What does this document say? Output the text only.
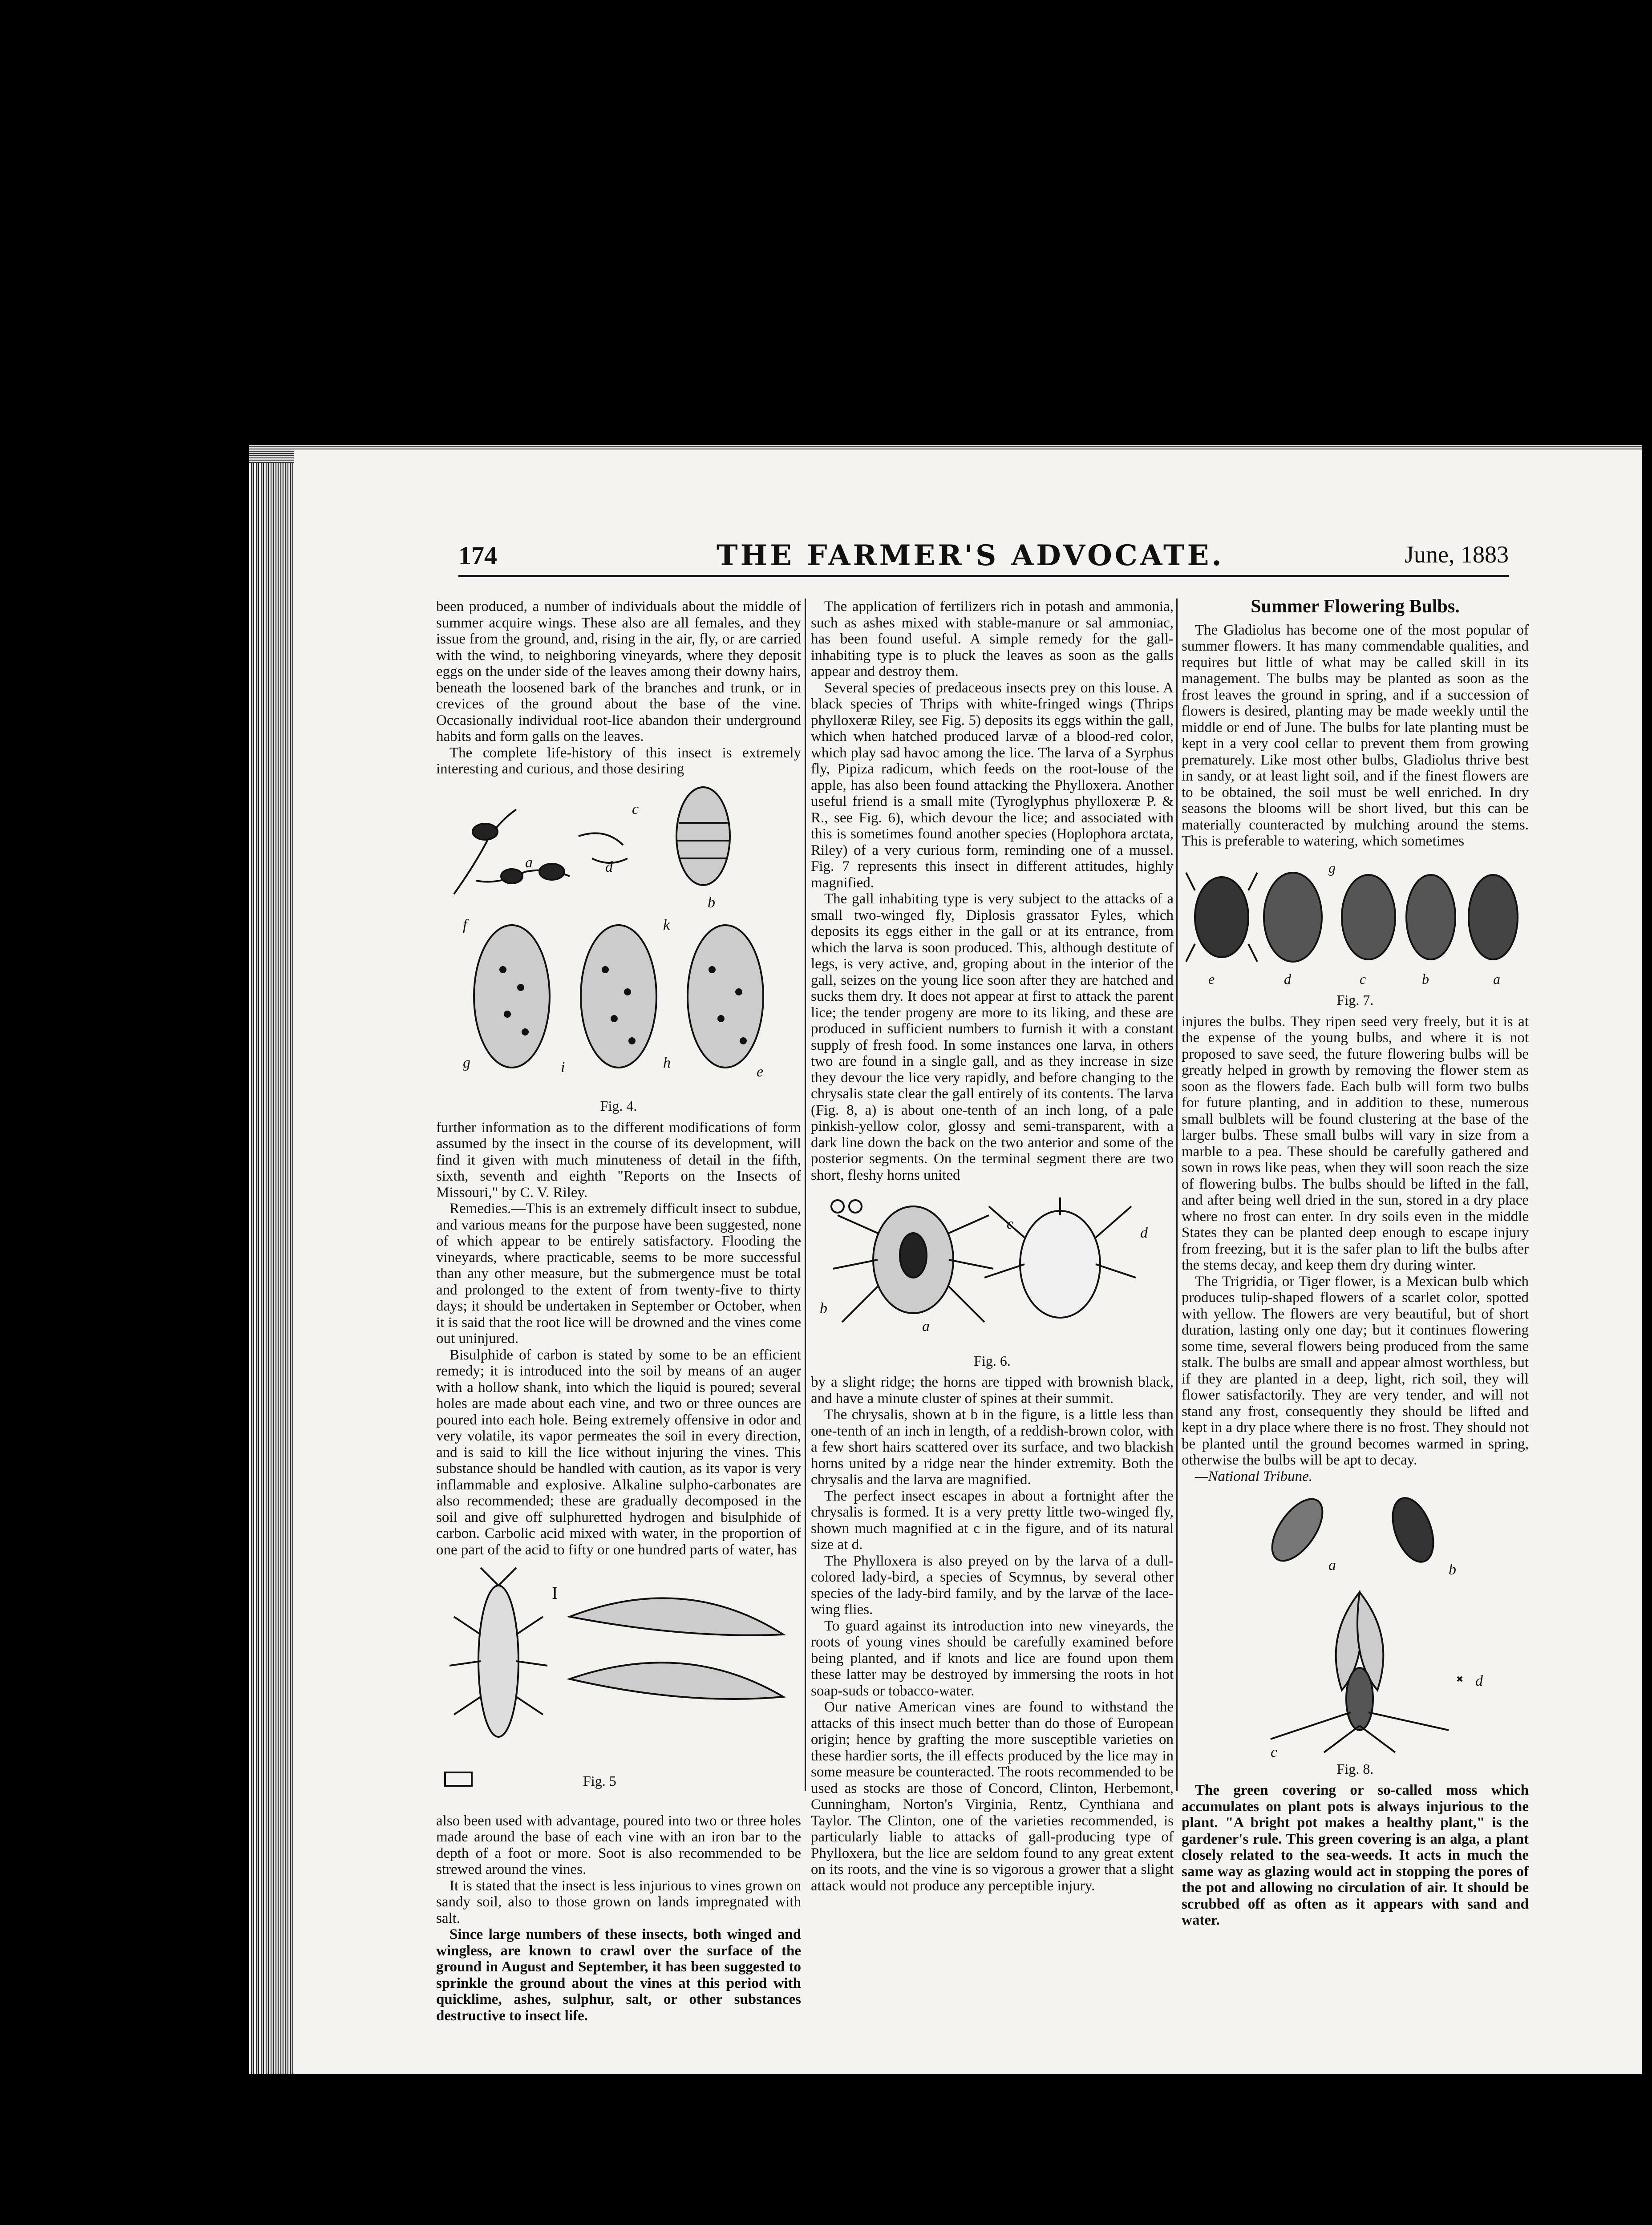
174	THE FARMER'S ADVOCATE.	June, 1883

been produced, a number of individuals about the middle of summer acquire wings. These also are all females, and they issue from the ground, and, rising in the air, fly, or are carried with the wind, to neighboring vineyards, where they deposit eggs on the under side of the leaves among their downy hairs, beneath the loosened bark of the branches and trunk, or in crevices of the ground about the base of the vine. Occasionally individual root-lice abandon their underground habits and form galls on the leaves.

The complete life-history of this insect is extremely interesting and curious, and those desiring

a
b
c
d
e
f
g	h
i
k
Fig. 4.

further information as to the different modifications of form assumed by the insect in the course of its development, will find it given with much minuteness of detail in the fifth, sixth, seventh and eighth "Reports on the Insects of Missouri," by C. V. Riley.

Remedies.—This is an extremely difficult insect to subdue, and various means for the purpose have been suggested, none of which appear to be entirely satisfactory. Flooding the vineyards, where practicable, seems to be more successful than any other measure, but the submergence must be total and prolonged to the extent of from twenty-five to thirty days; it should be undertaken in September or October, when it is said that the root lice will be drowned and the vines come out uninjured.

Bisulphide of carbon is stated by some to be an efficient remedy; it is introduced into the soil by means of an auger with a hollow shank, into which the liquid is poured; several holes are made about each vine, and two or three ounces are poured into each hole. Being extremely offensive in odor and very volatile, its vapor permeates the soil in every direction, and is said to kill the lice without injuring the vines. This substance should be handled with caution, as its vapor is very inflammable and explosive. Alkaline sulpho-carbonates are also recommended; these are gradually decomposed in the soil and give off sulphuretted hydrogen and bisulphide of carbon. Carbolic acid mixed with water, in the proportion of one part of the acid to fifty or one hundred parts of water, has

I
Fig. 5

also been used with advantage, poured into two or three holes made around the base of each vine with an iron bar to the depth of a foot or more. Soot is also recommended to be strewed around the vines.

It is stated that the insect is less injurious to vines grown on sandy soil, also to those grown on lands impregnated with salt.

Since large numbers of these insects, both winged and wingless, are known to crawl over the surface of the ground in August and September, it has been suggested to sprinkle the ground about the vines at this period with quicklime, ashes, sulphur, salt, or other substances destructive to insect life.

The application of fertilizers rich in potash and ammonia, such as ashes mixed with stable-manure or sal ammoniac, has been found useful. A simple remedy for the gall-inhabiting type is to pluck the leaves as soon as the galls appear and destroy them.

Several species of predaceous insects prey on this louse. A black species of Thrips with white-fringed wings (Thrips phylloxeræ Riley, see Fig. 5) deposits its eggs within the gall, which when hatched produced larvæ of a blood-red color, which play sad havoc among the lice. The larva of a Syrphus fly, Pipiza radicum, which feeds on the root-louse of the apple, has also been found attacking the Phylloxera. Another useful friend is a small mite (Tyroglyphus phylloxeræ P. & R., see Fig. 6), which devour the lice; and associated with this is sometimes found another species (Hoplophora arctata, Riley) of a very curious form, reminding one of a mussel. Fig. 7 represents this insect in different attitudes, highly magnified.

The gall inhabiting type is very subject to the attacks of a small two-winged fly, Diplosis grassator Fyles, which deposits its eggs either in the gall or at its entrance, from which the larva is soon produced. This, although destitute of legs, is very active, and, groping about in the interior of the gall, seizes on the young lice soon after they are hatched and sucks them dry. It does not appear at first to attack the parent lice; the tender progeny are more to its liking, and these are produced in sufficient numbers to furnish it with a constant supply of fresh food. In some instances one larva, in others two are found in a single gall, and as they increase in size they devour the lice very rapidly, and before changing to the chrysalis state clear the gall entirely of its contents. The larva (Fig. 8, a) is about one-tenth of an inch long, of a pale pinkish-yellow color, glossy and semi-transparent, with a dark line down the back on the two anterior and some of the posterior segments. On the terminal segment there are two short, fleshy horns united

a
b
c
d
Fig. 6.

by a slight ridge; the horns are tipped with brownish black, and have a minute cluster of spines at their summit.

The chrysalis, shown at b in the figure, is a little less than one-tenth of an inch in length, of a reddish-brown color, with a few short hairs scattered over its surface, and two blackish horns united by a ridge near the hinder extremity. Both the chrysalis and the larva are magnified.

The perfect insect escapes in about a fortnight after the chrysalis is formed. It is a very pretty little two-winged fly, shown much magnified at c in the figure, and of its natural size at d.

The Phylloxera is also preyed on by the larva of a dull-colored lady-bird, a species of Scymnus, by several other species of the lady-bird family, and by the larvæ of the lace-wing flies.

To guard against its introduction into new vineyards, the roots of young vines should be carefully examined before being planted, and if knots and lice are found upon them these latter may be destroyed by immersing the roots in hot soap-suds or tobacco-water.

Our native American vines are found to withstand the attacks of this insect much better than do those of European origin; hence by grafting the more susceptible varieties on these hardier sorts, the ill effects produced by the lice may in some measure be counteracted. The roots recommended to be used as stocks are those of Concord, Clinton, Herbemont, Cunningham, Norton's Virginia, Rentz, Cynthiana and Taylor. The Clinton, one of the varieties recommended, is particularly liable to attacks of gall-producing type of Phylloxera, but the lice are seldom found to any great extent on its roots, and the vine is so vigorous a grower that a slight attack would not produce any perceptible injury.

Summer Flowering Bulbs.

The Gladiolus has become one of the most popular of summer flowers. It has many commendable qualities, and requires but little of what may be called skill in its management. The bulbs may be planted as soon as the frost leaves the ground in spring, and if a succession of flowers is desired, planting may be made weekly until the middle or end of June. The bulbs for late planting must be kept in a very cool cellar to prevent them from growing prematurely. Like most other bulbs, Gladiolus thrive best in sandy, or at least light soil, and if the finest flowers are to be obtained, the soil must be well enriched. In dry seasons the blooms will be short lived, but this can be materially counteracted by mulching around the stems. This is preferable to watering, which sometimes

e	d	c	b	a
g
Fig. 7.

injures the bulbs. They ripen seed very freely, but it is at the expense of the young bulbs, and where it is not proposed to save seed, the future flowering bulbs will be greatly helped in growth by removing the flower stem as soon as the flowers fade. Each bulb will form two bulbs for future planting, and in addition to these, numerous small bulblets will be found clustering at the base of the larger bulbs. These small bulbs will vary in size from a marble to a pea. These should be carefully gathered and sown in rows like peas, when they will soon reach the size of flowering bulbs. The bulbs should be lifted in the fall, and after being well dried in the sun, stored in a dry place where no frost can enter. In dry soils even in the middle States they can be planted deep enough to escape injury from freezing, but it is the safer plan to lift the bulbs after the stems decay, and keep them dry during winter.

The Trigridia, or Tiger flower, is a Mexican bulb which produces tulip-shaped flowers of a scarlet color, spotted with yellow. The flowers are very beautiful, but of short duration, lasting only one day; but it continues flowering some time, several flowers being produced from the same stalk. The bulbs are small and appear almost worthless, but if they are planted in a deep, light, rich soil, they will flower satisfactorily. They are very tender, and will not stand any frost, consequently they should be lifted and kept in a dry place where there is no frost. They should not be planted until the ground becomes warmed in spring, otherwise the bulbs will be apt to decay.

—National Tribune.

a	b
c
d
Fig. 8.

The green covering or so-called moss which accumulates on plant pots is always injurious to the plant. "A bright pot makes a healthy plant," is the gardener's rule. This green covering is an alga, a plant closely related to the sea-weeds. It acts in much the same way as glazing would act in stopping the pores of the pot and allowing no circulation of air. It should be scrubbed off as often as it appears with sand and water.
